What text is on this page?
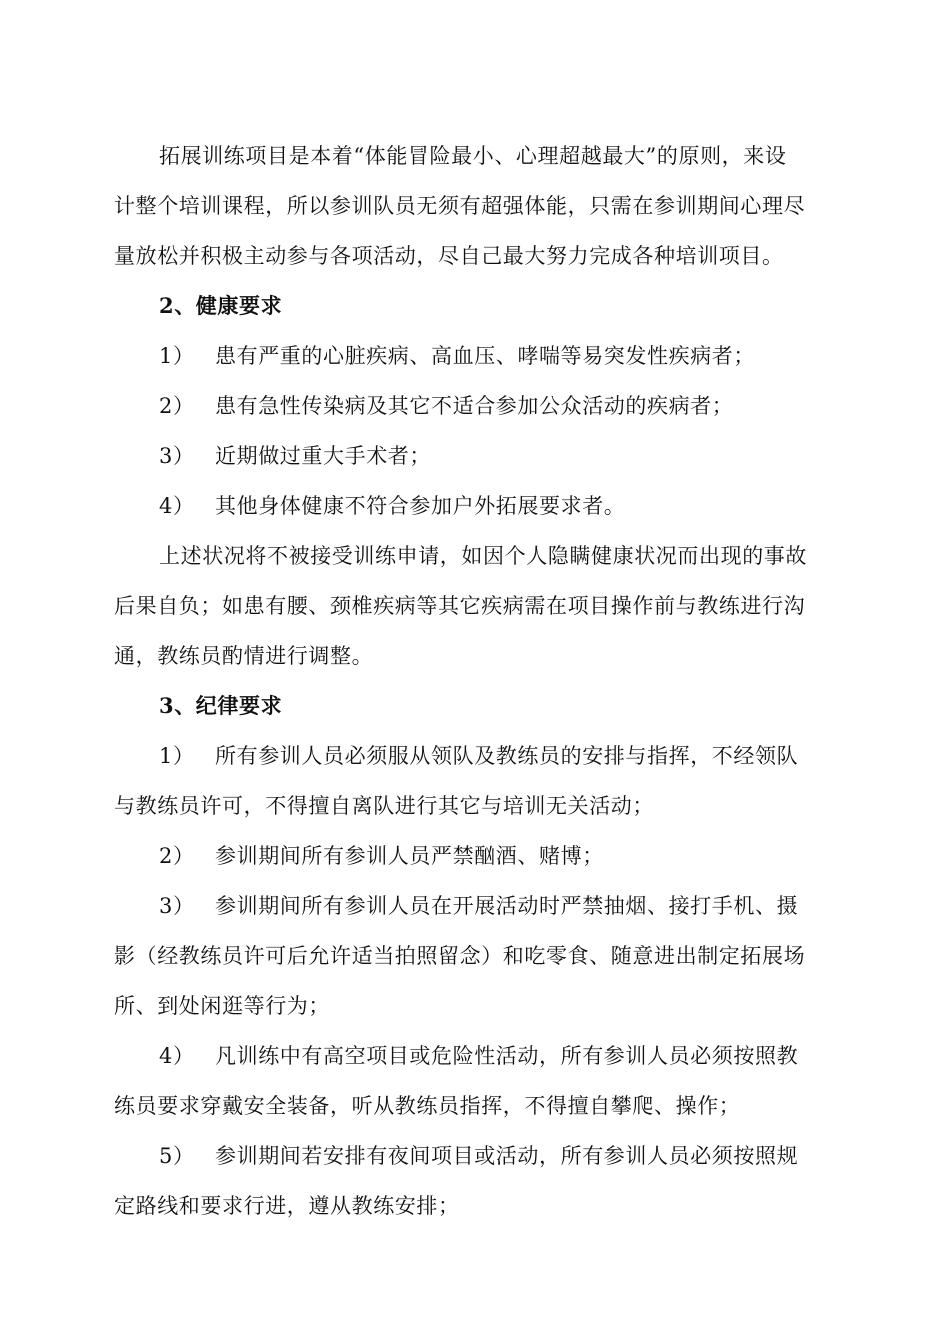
拓展训练项目是本着“体能冒险最小、心理超越最大”的原则，来设
计整个培训课程，所以参训队员无须有超强体能，只需在参训期间心理尽
量放松并积极主动参与各项活动，尽自己最大努力完成各种培训项目。
2、健康要求
1） 患有严重的心脏疾病、高血压、哮喘等易突发性疾病者；
2） 患有急性传染病及其它不适合参加公众活动的疾病者；
3） 近期做过重大手术者；
4） 其他身体健康不符合参加户外拓展要求者。
上述状况将不被接受训练申请，如因个人隐瞒健康状况而出现的事故
后果自负；如患有腰、颈椎疾病等其它疾病需在项目操作前与教练进行沟
通，教练员酌情进行调整。
3、纪律要求
1） 所有参训人员必须服从领队及教练员的安排与指挥，不经领队
与教练员许可，不得擅自离队进行其它与培训无关活动；
2） 参训期间所有参训人员严禁酗酒、赌博；
3） 参训期间所有参训人员在开展活动时严禁抽烟、接打手机、摄
影（经教练员许可后允许适当拍照留念）和吃零食、随意进出制定拓展场
所、到处闲逛等行为；
4） 凡训练中有高空项目或危险性活动，所有参训人员必须按照教
练员要求穿戴安全装备，听从教练员指挥，不得擅自攀爬、操作；
5） 参训期间若安排有夜间项目或活动，所有参训人员必须按照规
定路线和要求行进，遵从教练安排；
